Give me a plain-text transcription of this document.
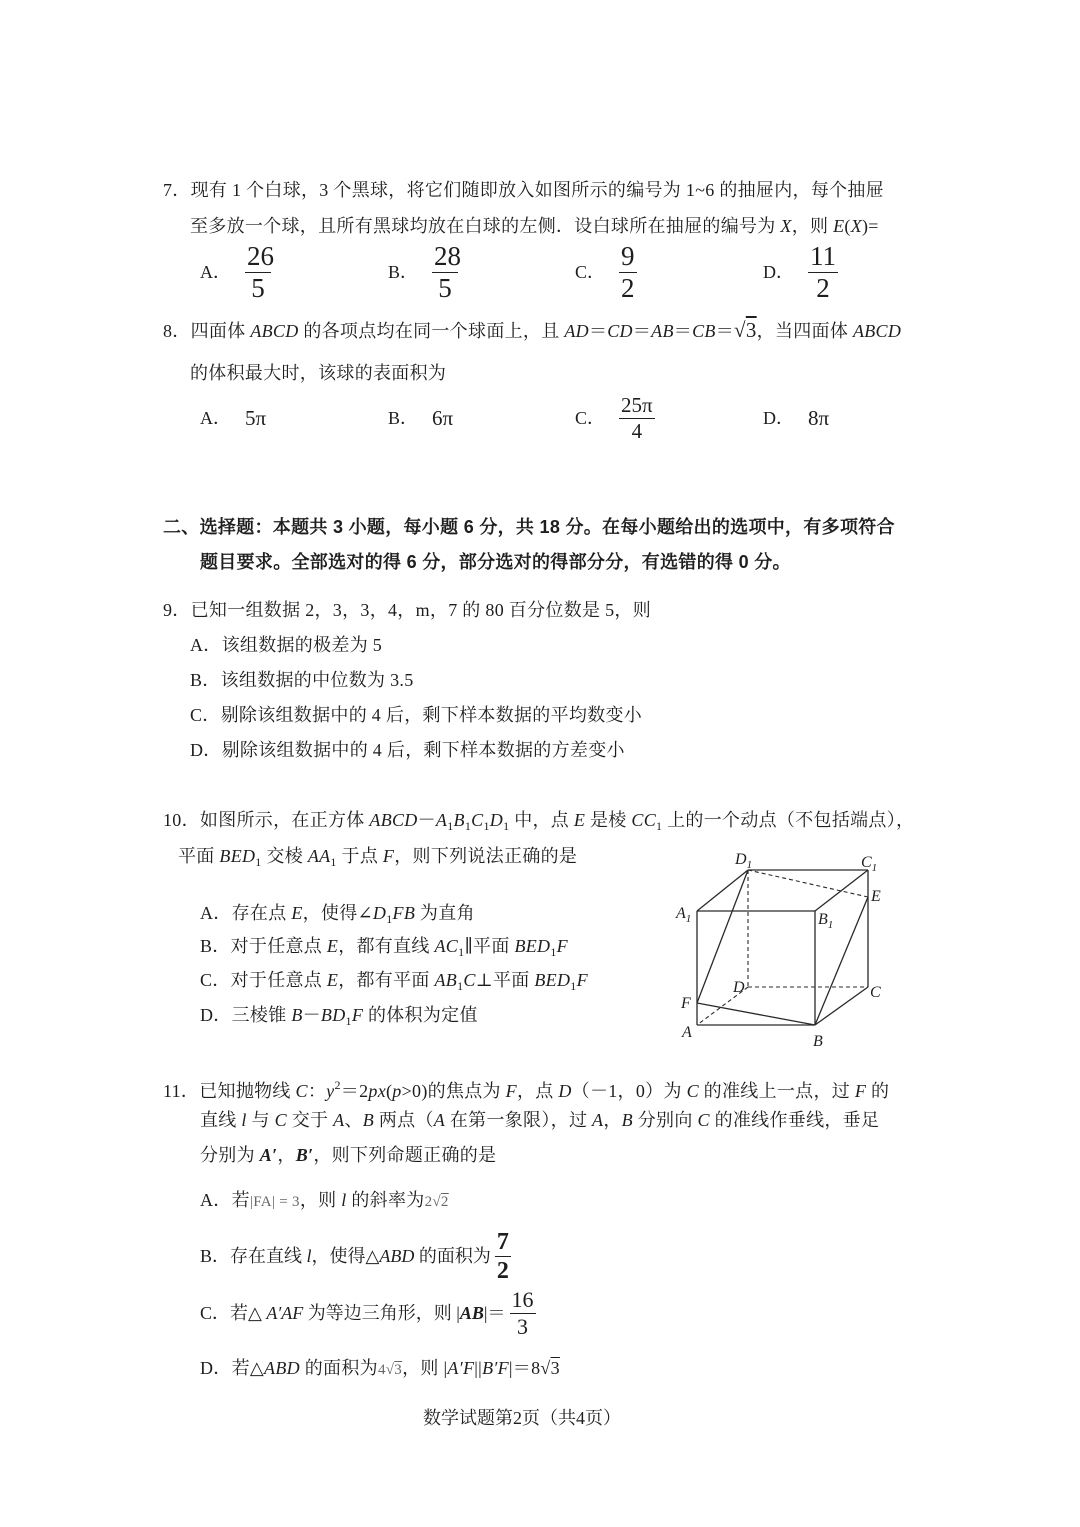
7．现有 1 个白球，3 个黑球，将它们随即放入如图所示的编号为 1~6 的抽屉内，每个抽屉
至多放一个球，且所有黑球均放在白球的左侧．设白球所在抽屉的编号为 X，则 E(X)=
A． $\frac{26}{5}$	B． $\frac{28}{5}$	C． $\frac{9}{2}$	D． $\frac{11}{2}$
8．四面体 ABCD 的各项点均在同一个球面上，且 AD＝CD＝AB＝CB＝√3，当四面体 ABCD
的体积最大时，该球的表面积为
A． 5π	B． 6π	C． $\frac{25\pi}{4}$	D． 8π
二、选择题：本题共 3 小题，每小题 6 分，共 18 分。在每小题给出的选项中，有多项符合
题目要求。全部选对的得 6 分，部分选对的得部分分，有选错的得 0 分。
9．已知一组数据 2，3，3，4，m，7 的 80 百分位数是 5，则
A．该组数据的极差为 5
B．该组数据的中位数为 3.5
C．剔除该组数据中的 4 后，剩下样本数据的平均数变小
D．剔除该组数据中的 4 后，剩下样本数据的方差变小
10．如图所示，在正方体 $ABCD-A_1B_1C_1D_1$ 中，点 E 是棱 $CC_1$ 上的一个动点（不包括端点），
平面 $BED_1$ 交棱 $AA_1$ 于点 F，则下列说法正确的是
A．存在点 E，使得$\angle D_1FB$ 为直角
B．对于任意点 E，都有直线 $AC_1\parallel$平面 $BED_1F$
C．对于任意点 E，都有平面 $AB_1C\perp$平面 $BED_1F$
D．三棱锥 $B-BD_1F$ 的体积为定值
$D_1$	$C_1$
E
$A_1$	$B_1$
D	C
F
A
B
11．已知抛物线 C：$y^2=2px(p>0)$的焦点为 F，点 D（－1，0）为 C 的准线上一点，过 F 的
直线 l 与 C 交于 A、B 两点（A 在第一象限），过 A，B 分别向 C 的准线作垂线，垂足
分别为 A′，B′，则下列命题正确的是
A．若|FA| = 3，则 l 的斜率为2√2
B．存在直线 l，使得△ABD 的面积为 $\frac{7}{2}$
C．若△ A′AF 为等边三角形，则 $|AB|= \frac{16}{3}$
D．若△ABD 的面积为4√3，则 |A′F||B′F|＝8√3
数学试题第2页（共4页）
